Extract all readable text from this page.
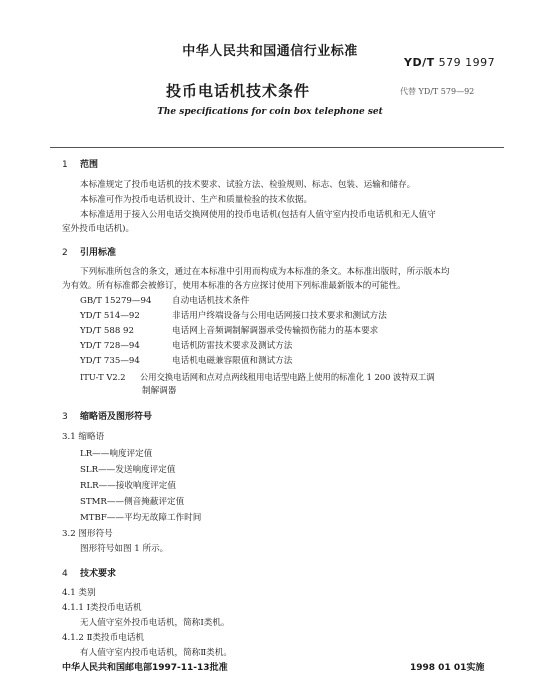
中华人民共和国通信行业标准
YD/T 579 1997
投币电话机技术条件	代替 YD/T 579—92
The specifications for coin box telephone set
1 范围
本标准规定了投币电话机的技术要求、试验方法、检验规则、标志、包装、运输和储存。
本标准可作为投币电话机设计、生产和质量检验的技术依据。
本标准适用于接入公用电话交换网使用的投币电话机(包括有人值守室内投币电话机和无人值守
室外投币电话机)。
2 引用标准
下列标准所包含的条文，通过在本标准中引用而构成为本标准的条文。本标准出版时，所示版本均
为有效。所有标准都会被修订，使用本标准的各方应探讨使用下列标准最新版本的可能性。
GB/T 15279—94 自动电话机技术条件
YD/T 514—92	非话用户终端设备与公用电话网接口技术要求和测试方法
YD/T 588 92	电话网上音频调制解调器承受传输损伤能力的基本要求
YD/T 728—94	电话机防雷技术要求及测试方法
YD/T 735—94	电话机电磁兼容限值和测试方法
ITU-T V2.2 公用交换电话网和点对点两线租用电话型电路上使用的标准化 1 200 波特双工调
制解调器
3 缩略语及图形符号
3.1 缩略语
LR——响度评定值
SLR——发送响度评定值
RLR——接收响度评定值
STMR——侧音掩蔽评定值
MTBF——平均无故障工作时间
3.2 图形符号
图形符号如图 1 所示。
4 技术要求
4.1 类别
4.1.1 Ⅰ类投币电话机
无人值守室外投币电话机，简称Ⅰ类机。
4.1.2 Ⅱ类投币电话机
有人值守室内投币电话机，简称Ⅱ类机。
中华人民共和国邮电部1997-11-13批准	1998 01 01实施
